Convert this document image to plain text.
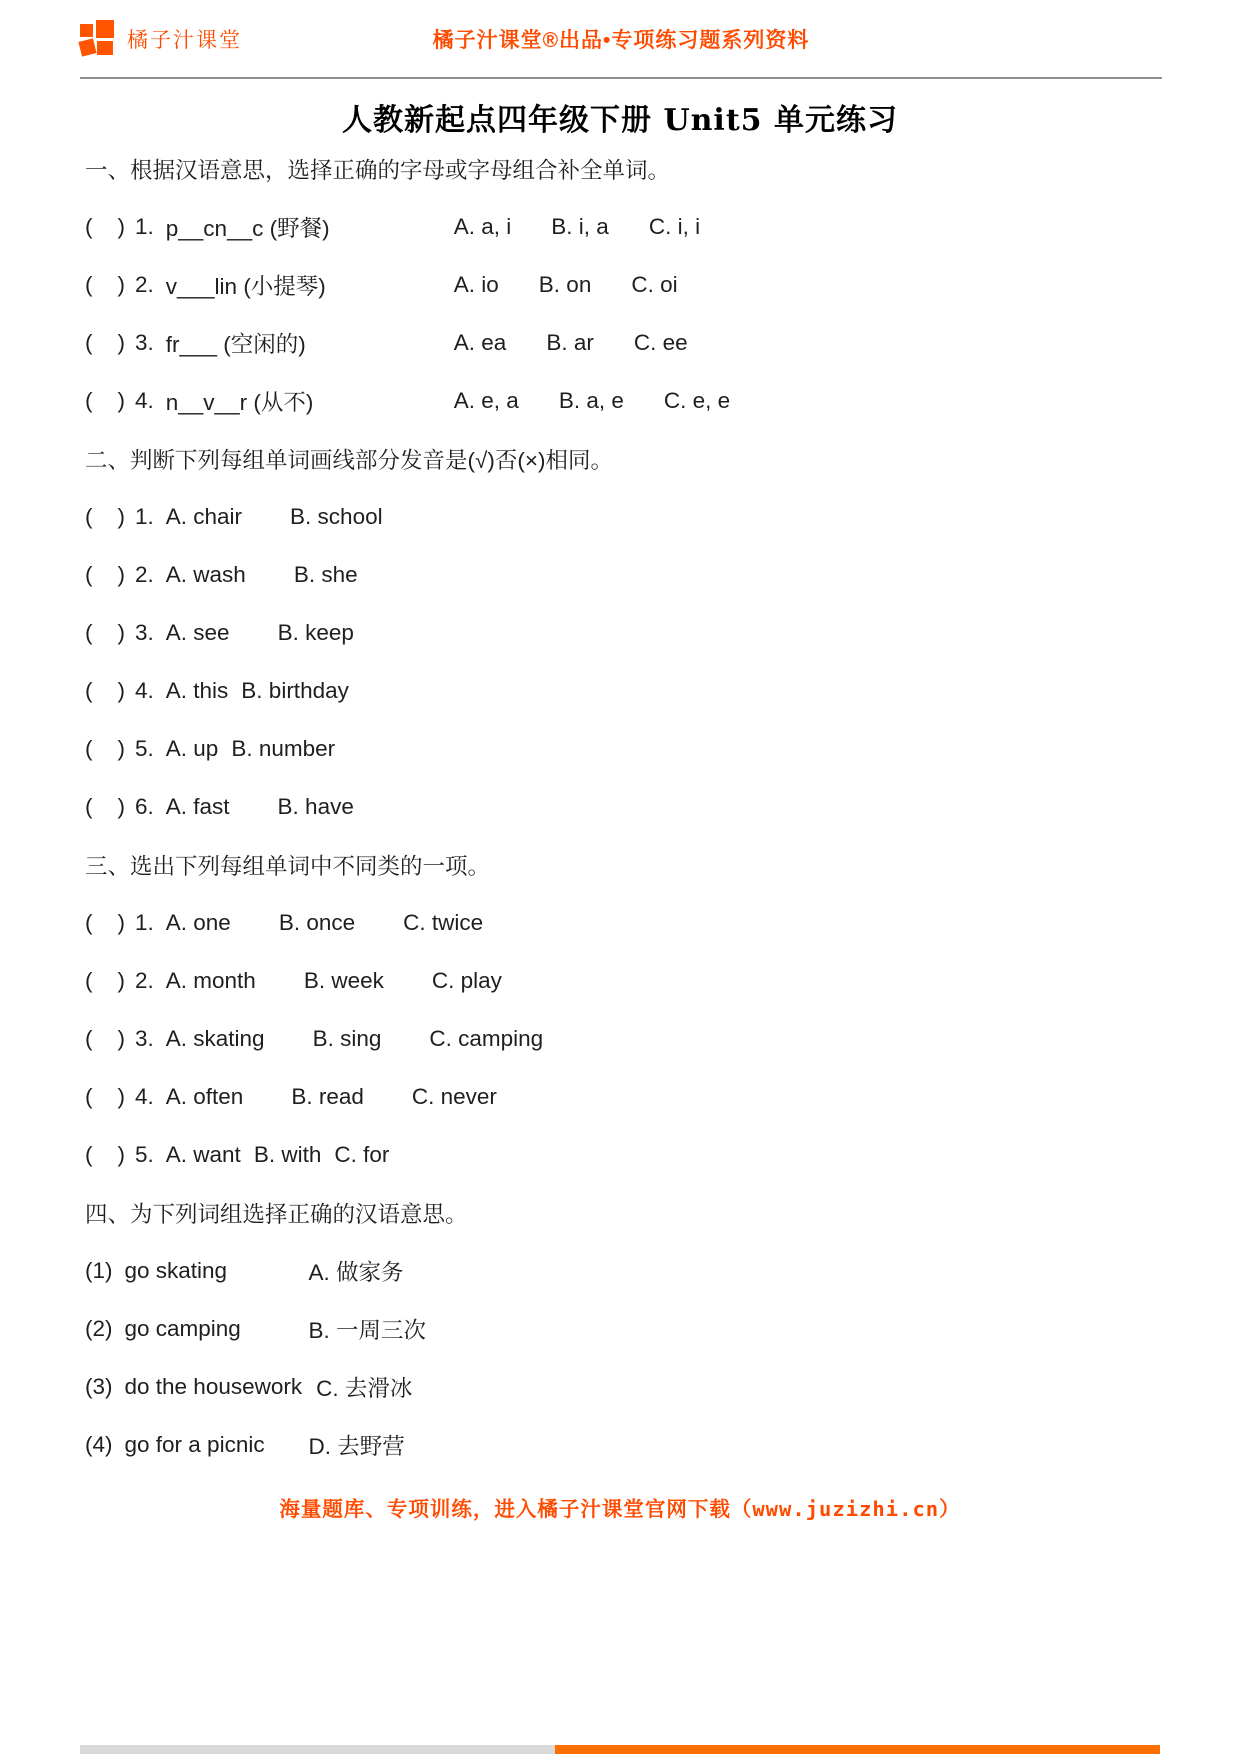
橘子汁课堂	橘子汁课堂®出品•专项练习题系列资料
人教新起点四年级下册 Unit5 单元练习
一、根据汉语意思，选择正确的字母或字母组合补全单词。
(    ) 1. p__cn__c (野餐)	A. a, i B. i, a C. i, i
(    ) 2. v___lin (小提琴)	A. io B. on C. oi
(    ) 3. fr___ (空闲的)	A. ea B. ar C. ee
(    ) 4. n__v__r (从不)	A. e, a B. a, e C. e, e
二、判断下列每组单词画线部分发音是(√)否(×)相同。
(    ) 1. A. chair B. school
(    ) 2. A. wash B. she
(    ) 3. A. see B. keep
(    ) 4. A. this B. birthday
(    ) 5. A. up B. number
(    ) 6. A. fast B. have
三、选出下列每组单词中不同类的一项。
(    ) 1. A. one B. once C. twice
(    ) 2. A. month B. week C. play
(    ) 3. A. skating B. sing C. camping
(    ) 4. A. often B. read C. never
(    ) 5. A. want B. with C. for
四、为下列词组选择正确的汉语意思。
(1) go skating	A. 做家务
(2) go camping	B. 一周三次
(3) do the housework C. 去滑冰
(4) go for a picnic	D. 去野营
海量题库、专项训练，进入橘子汁课堂官网下载（www.juzizhi.cn）
